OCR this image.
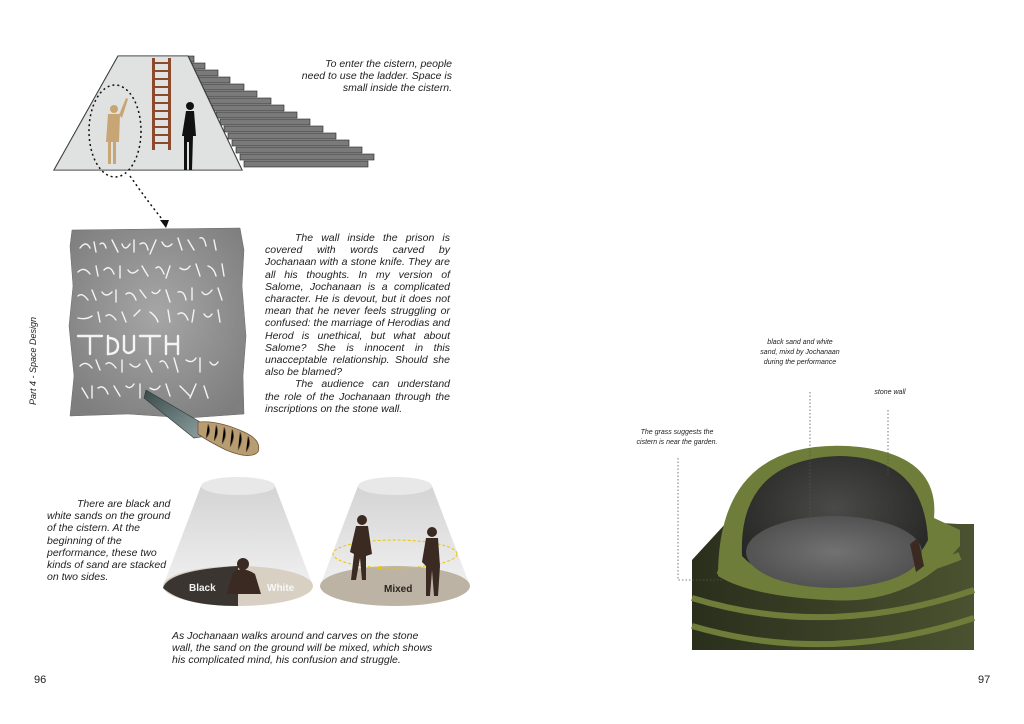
To enter the cistern, people
need to use the ladder. Space is
small inside the cistern.

The wall inside the prison is covered with words carved by Jochanaan with a stone knife. They are all his thoughts. In my version of Salome, Jochanaan is a complicated character. He is devout, but it does not mean that he never feels struggling or confused: the marriage of Herodias and Herod is unethical, but what about Salome? She is innocent in this unacceptable relationship. Should she also be blamed?
The audience can understand the role of the Jochanaan through the inscriptions on the stone wall.

Part 4 - Space Design

There are black and white sands on the ground of the cistern. At the beginning of the performance, these two kinds of sand are stacked on two sides.

Black	White	Mixed

As Jochanaan walks around and carves on the stone
wall, the sand on the ground will be mixed, which shows
his complicated mind, his confusion and struggle.

96
black sand and white
sand, mixd by Jochanaan
during the performance
stone wall
The grass suggests the
cistern is near the garden.
97
